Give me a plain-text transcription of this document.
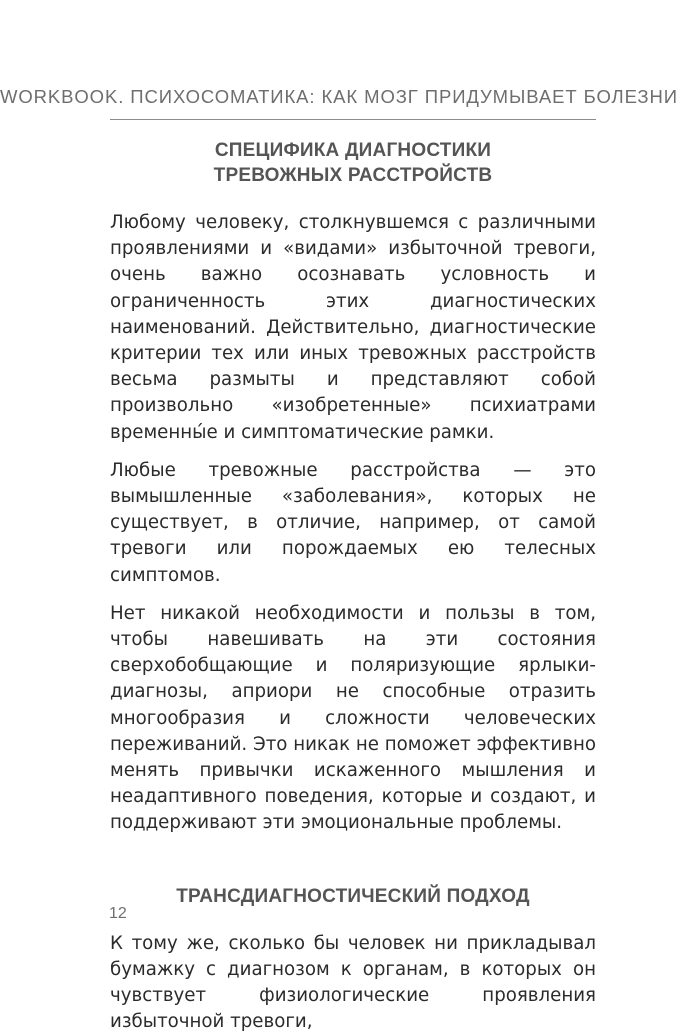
WORKBOOK. ПСИХОСОМАТИКА: КАК МОЗГ ПРИДУМЫВАЕТ БОЛЕЗНИ
СПЕЦИФИКА ДИАГНОСТИКИ
ТРЕВОЖНЫХ РАССТРОЙСТВ

Любому человеку, столкнувшемся с различными проявлениями и «видами» избыточной тревоги, очень важно осознавать условность и ограниченность этих диагностических наименований. Действительно, диагностические критерии тех или иных тревожных расстройств весьма размыты и представляют собой произвольно «изобретенные» психиатрами временны́е и симптоматические рамки.

Любые тревожные расстройства — это вымышленные «заболевания», которых не существует, в отличие, например, от самой тревоги или порождаемых ею телесных симптомов.

Нет никакой необходимости и пользы в том, чтобы навешивать на эти состояния сверхобобщающие и поляризующие ярлыки-диагнозы, априори не способные отразить многообразия и сложности человеческих переживаний. Это никак не поможет эффективно менять привычки искаженного мышления и неадаптивного поведения, которые и создают, и поддерживают эти эмоциональные проблемы.

ТРАНСДИАГНОСТИЧЕСКИЙ ПОДХОД

К тому же, сколько бы человек ни прикладывал бумажку с диагнозом к органам, в которых он чувствует физиологические проявления избыточной тревоги,

12
